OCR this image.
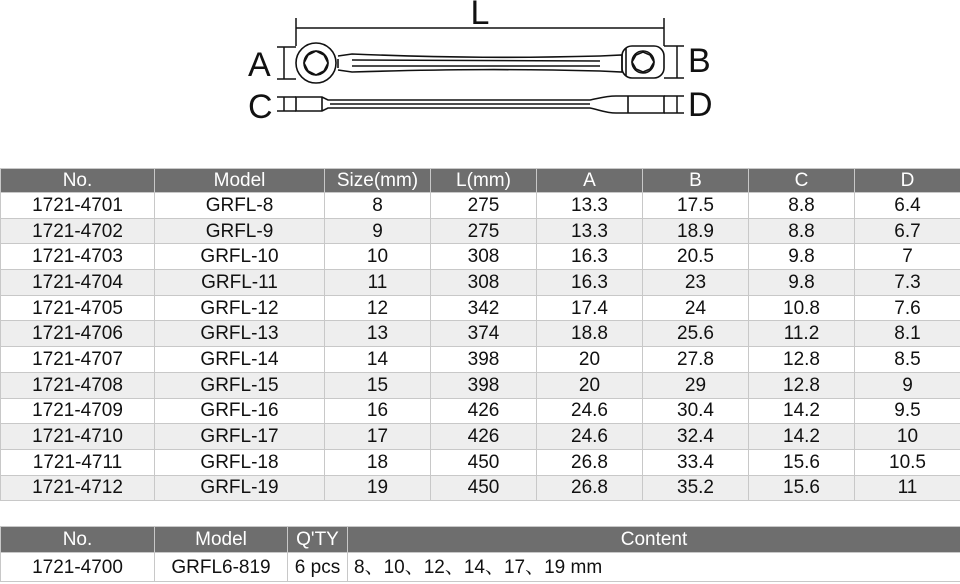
L
A	B
C	D
No.	Model	Size(mm)	L(mm)	A	B	C	D
1721-4701	GRFL-8	8	275	13.3	17.5	8.8	6.4
1721-4702	GRFL-9	9	275	13.3	18.9	8.8	6.7
1721-4703	GRFL-10	10	308	16.3	20.5	9.8	7
1721-4704	GRFL-11	11	308	16.3	23	9.8	7.3
1721-4705	GRFL-12	12	342	17.4	24	10.8	7.6
1721-4706	GRFL-13	13	374	18.8	25.6	11.2	8.1
1721-4707	GRFL-14	14	398	20	27.8	12.8	8.5
1721-4708	GRFL-15	15	398	20	29	12.8	9
1721-4709	GRFL-16	16	426	24.6	30.4	14.2	9.5
1721-4710	GRFL-17	17	426	24.6	32.4	14.2	10
1721-4711	GRFL-18	18	450	26.8	33.4	15.6	10.5
1721-4712	GRFL-19	19	450	26.8	35.2	15.6	11
No.	Model	Q'TY	Content
1721-4700	GRFL6-819	6 pcs	8、10、12、14、17、19 mm
